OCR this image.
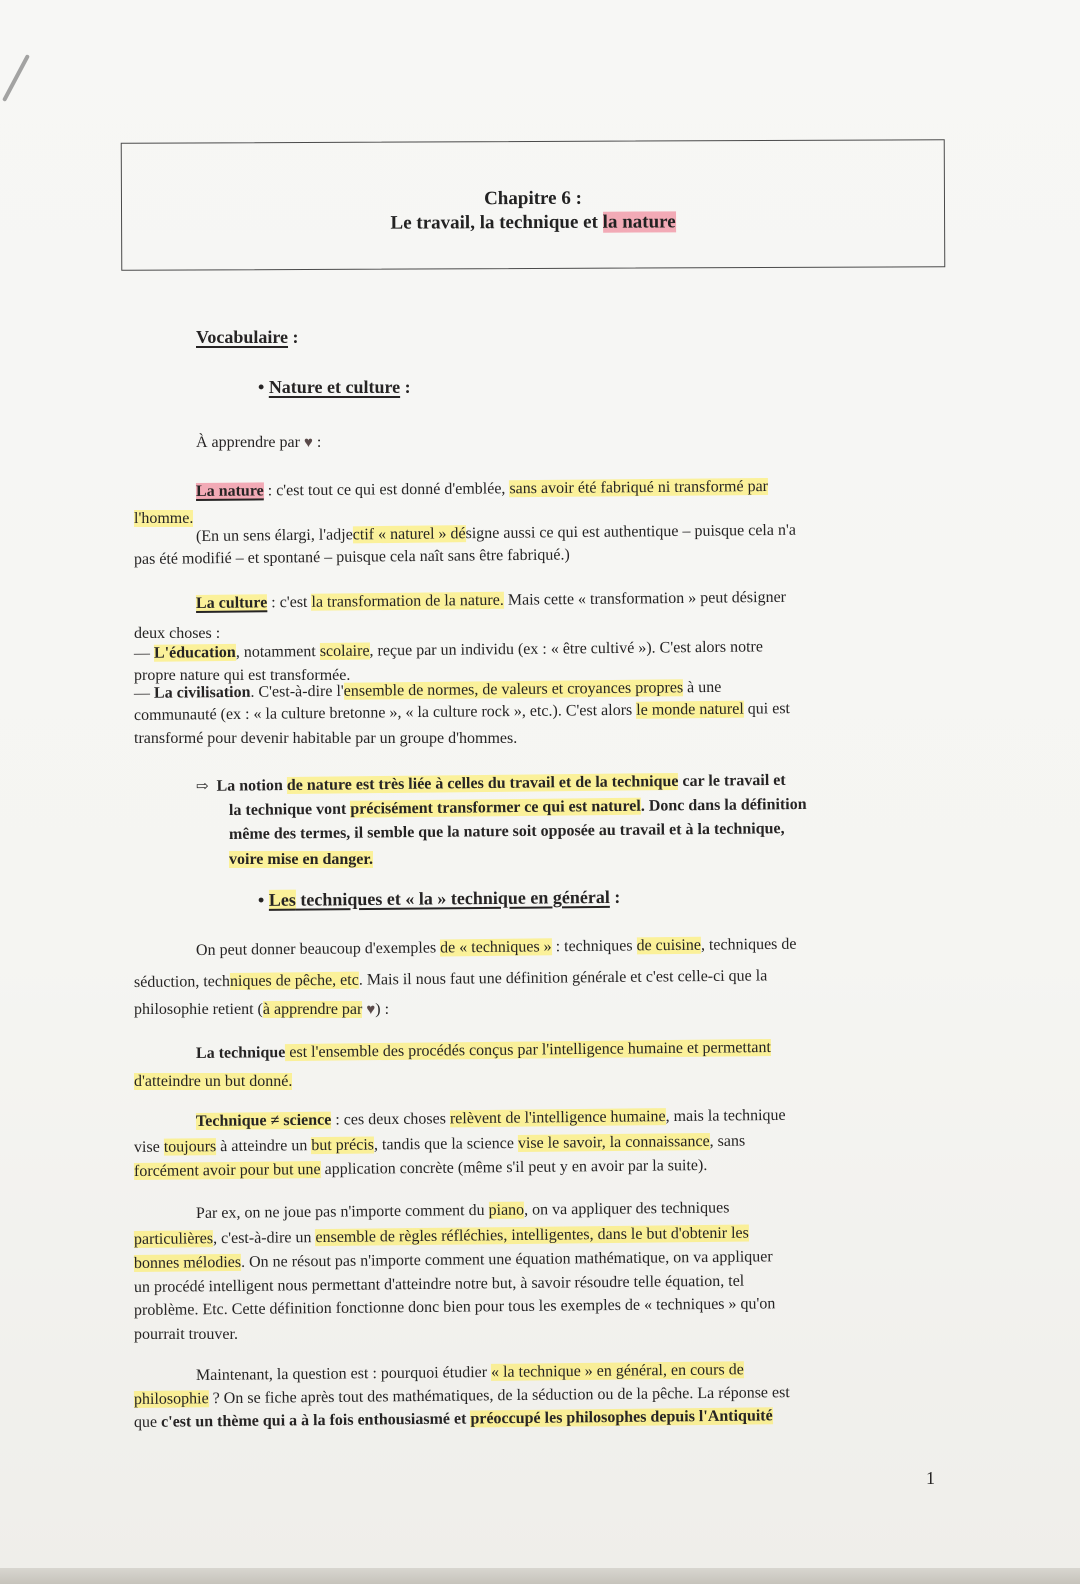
Chapitre 6 :
Le travail, la technique et la nature
Vocabulaire :
• Nature et culture :
À apprendre par ♥ :
La nature : c'est tout ce qui est donné d'emblée, sans avoir été fabriqué ni transformé par
l'homme.
(En un sens élargi, l'adjectif « naturel » désigne aussi ce qui est authentique – puisque cela n'a
pas été modifié – et spontané – puisque cela naît sans être fabriqué.)
La culture : c'est la transformation de la nature. Mais cette « transformation » peut désigner
deux choses :
— L'éducation, notamment scolaire, reçue par un individu (ex : « être cultivé »). C'est alors notre
propre nature qui est transformée.
— La civilisation. C'est-à-dire l'ensemble de normes, de valeurs et croyances propres à une
communauté (ex : « la culture bretonne », « la culture rock », etc.). C'est alors le monde naturel qui est
transformé pour devenir habitable par un groupe d'hommes.
⇨ La notion de nature est très liée à celles du travail et de la technique car le travail et
la technique vont précisément transformer ce qui est naturel. Donc dans la définition
même des termes, il semble que la nature soit opposée au travail et à la technique,
voire mise en danger.
• Les techniques et « la » technique en général :
On peut donner beaucoup d'exemples de « techniques » : techniques de cuisine, techniques de
séduction, techniques de pêche, etc. Mais il nous faut une définition générale et c'est celle-ci que la
philosophie retient (à apprendre par ♥) :
La technique est l'ensemble des procédés conçus par l'intelligence humaine et permettant
d'atteindre un but donné.
Technique ≠ science : ces deux choses relèvent de l'intelligence humaine, mais la technique
vise toujours à atteindre un but précis, tandis que la science vise le savoir, la connaissance, sans
forcément avoir pour but une application concrète (même s'il peut y en avoir par la suite).
Par ex, on ne joue pas n'importe comment du piano, on va appliquer des techniques
particulières, c'est-à-dire un ensemble de règles réfléchies, intelligentes, dans le but d'obtenir les
bonnes mélodies. On ne résout pas n'importe comment une équation mathématique, on va appliquer
un procédé intelligent nous permettant d'atteindre notre but, à savoir résoudre telle équation, tel
problème. Etc. Cette définition fonctionne donc bien pour tous les exemples de « techniques » qu'on
pourrait trouver.
Maintenant, la question est : pourquoi étudier « la technique » en général, en cours de
philosophie ? On se fiche après tout des mathématiques, de la séduction ou de la pêche. La réponse est
que c'est un thème qui a à la fois enthousiasmé et préoccupé les philosophes depuis l'Antiquité
1
